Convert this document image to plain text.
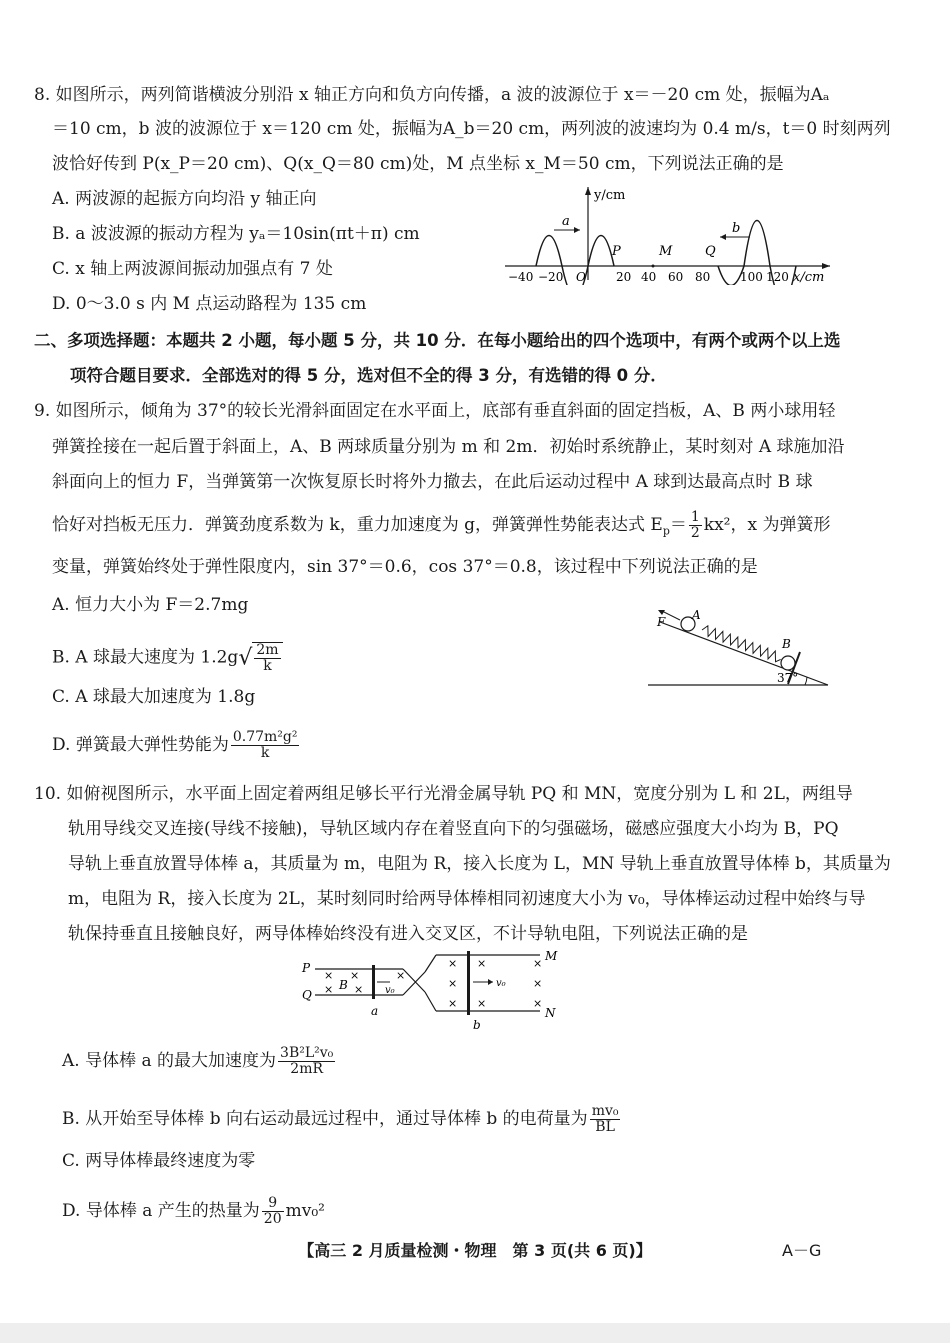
8. 如图所示，两列简谐横波分别沿 x 轴正方向和负方向传播，a 波的波源位于 x＝－20 cm 处，振幅为Aₐ
＝10 cm，b 波的波源位于 x＝120 cm 处，振幅为A_b＝20 cm，两列波的波速均为 0.4 m/s，t＝0 时刻两列
波恰好传到 P(x_P＝20 cm)、Q(x_Q＝80 cm)处，M 点坐标 x_M＝50 cm，下列说法正确的是
A. 两波源的起振方向均沿 y 轴正向
B. a 波波源的振动方程为 yₐ＝10sin(πt＋π) cm
C. x 轴上两波源间振动加强点有 7 处
D. 0～3.0 s 内 M 点运动路程为 135 cm
y/cm
x/cm
a	b
P	M	Q
−40 −20 O	20 40 60 80 100 120
二、多项选择题：本题共 2 小题，每小题 5 分，共 10 分．在每小题给出的四个选项中，有两个或两个以上选
项符合题目要求．全部选对的得 5 分，选对但不全的得 3 分，有选错的得 0 分．
9. 如图所示，倾角为 37°的较长光滑斜面固定在水平面上，底部有垂直斜面的固定挡板，A、B 两小球用轻
弹簧拴接在一起后置于斜面上，A、B 两球质量分别为 m 和 2m．初始时系统静止，某时刻对 A 球施加沿
斜面向上的恒力 F，当弹簧第一次恢复原长时将外力撤去，在此后运动过程中 A 球到达最高点时 B 球
恰好对挡板无压力．弹簧劲度系数为 k，重力加速度为 g，弹簧弹性势能表达式 $E_p= \frac{1}{2} kx^2$，x 为弹簧形
变量，弹簧始终处于弹性限度内，sin 37°＝0.6，cos 37°＝0.8，该过程中下列说法正确的是
A. 恒力大小为 F＝2.7mg
B. A 球最大速度为 $1.2g√ \frac{2m}{k}$
C. A 球最大加速度为 1.8g
D. 弹簧最大弹性势能为 $\frac{\text{0.77m²g²}}{k}$
A
B
F
37°
10. 如俯视图所示，水平面上固定着两组足够长平行光滑金属导轨 PQ 和 MN，宽度分别为 L 和 2L，两组导
轨用导线交叉连接(导线不接触)，导轨区域内存在着竖直向下的匀强磁场，磁感应强度大小均为 B，PQ
导轨上垂直放置导体棒 a，其质量为 m，电阻为 R，接入长度为 L，MN 导轨上垂直放置导体棒 b，其质量为
m，电阻为 R，接入长度为 2L，某时刻同时给两导体棒相同初速度大小为 v₀，导体棒运动过程中始终与导
轨保持垂直且接触良好，两导体棒始终没有进入交叉区，不计导轨电阻，下列说法正确的是
P
Q
× ×
× ×
B
a
v₀
×
M
N
×
×
×
b
×
v₀
×
×
×
×
A. 导体棒 a 的最大加速度为 $\frac{\text{3B²L²v₀}}{2mR}$
B. 从开始至导体棒 b 向右运动最远过程中，通过导体棒 b 的电荷量为 $\frac{\text{mv₀}}{BL}$
C. 两导体棒最终速度为零
D. 导体棒 a 产生的热量为 $\frac{9}{20} mv_0^2$
【高三 2 月质量检测・物理　第 3 页(共 6 页)】	A－G
